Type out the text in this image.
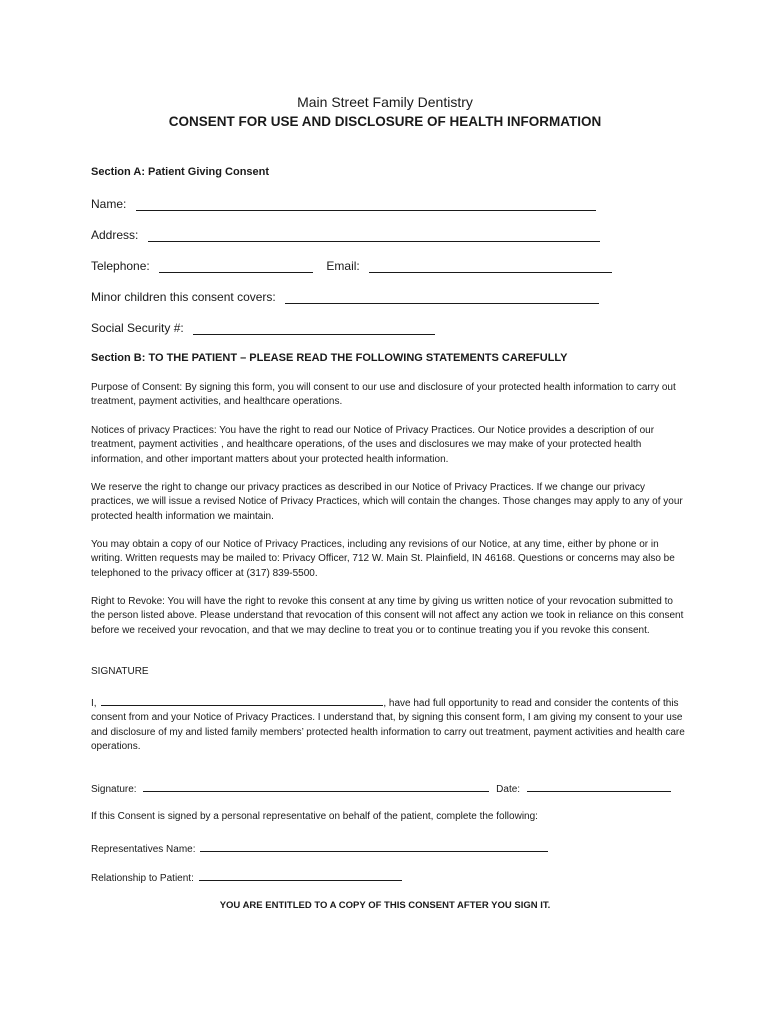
Main Street Family Dentistry
CONSENT FOR USE AND DISCLOSURE OF HEALTH INFORMATION
Section A: Patient Giving Consent
Name:
Address:
Telephone:	Email:
Minor children this consent covers:
Social Security #:
Section B: TO THE PATIENT – PLEASE READ THE FOLLOWING STATEMENTS CAREFULLY
Purpose of Consent: By signing this form, you will consent to our use and disclosure of your protected health information to carry out treatment, payment activities, and healthcare operations.
Notices of privacy Practices: You have the right to read our Notice of Privacy Practices. Our Notice provides a description of our treatment, payment activities , and healthcare operations, of the uses and disclosures we may make of your protected health information, and other important matters about your protected health information.
We reserve the right to change our privacy practices as described in our Notice of Privacy Practices. If we change our privacy practices, we will issue a revised Notice of Privacy Practices, which will contain the changes. Those changes may apply to any of your protected health information we maintain.
You may obtain a copy of our Notice of Privacy Practices, including any revisions of our Notice, at any time, either by phone or in writing. Written requests may be mailed to: Privacy Officer, 712 W. Main St. Plainfield, IN 46168. Questions or concerns may also be telephoned to the privacy officer at (317) 839-5500.
Right to Revoke: You will have the right to revoke this consent at any time by giving us written notice of your revocation submitted to the person listed above. Please understand that revocation of this consent will not affect any action we took in reliance on this consent before we received your revocation, and that we may decline to treat you or to continue treating you if you revoke this consent.
SIGNATURE
I,	, have had full opportunity to read and consider the contents of this consent from and your Notice of Privacy Practices. I understand that, by signing this consent form, I am giving my consent to your use and disclosure of my and listed family members’ protected health information to carry out treatment, payment activities and health care operations.
Signature:	Date:
If this Consent is signed by a personal representative on behalf of the patient, complete the following:
Representatives Name:
Relationship to Patient:
YOU ARE ENTITLED TO A COPY OF THIS CONSENT AFTER YOU SIGN IT.
